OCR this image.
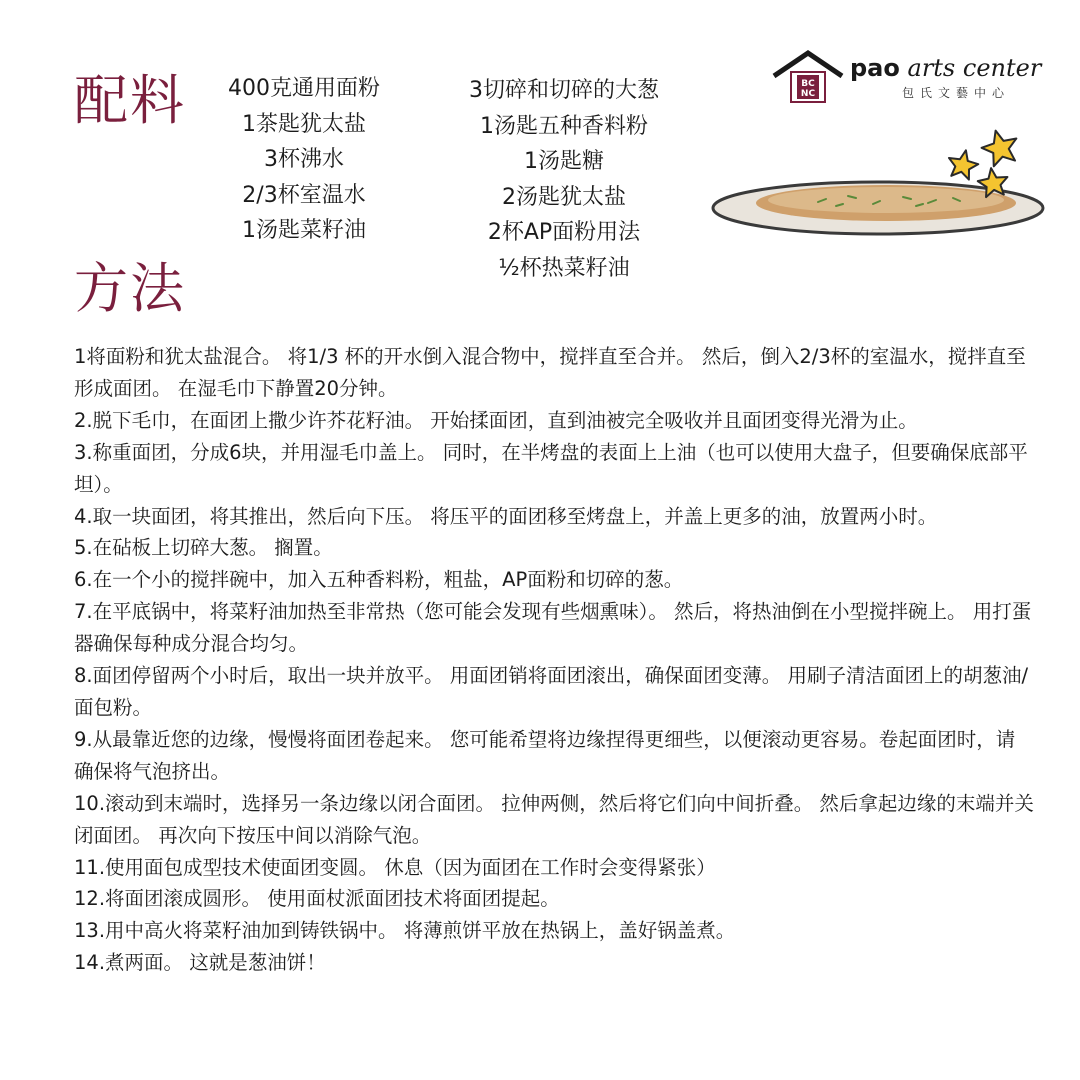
配料	400克通用面粉
1茶匙犹太盐
3杯沸水
2/3杯室温水
1汤匙菜籽油
3切碎和切碎的大葱
1汤匙五种香料粉
1汤匙糖
2汤匙犹太盐
2杯AP面粉用法
½杯热菜籽油
方法
BC
NC
pao arts center
包氏文藝中心
1将面粉和犹太盐混合。 将1/3 杯的开水倒入混合物中，搅拌直至合并。 然后，倒入2/3杯的室温水，搅拌直至形成面团。 在湿毛巾下静置20分钟。
2.脱下毛巾，在面团上撒少许芥花籽油。 开始揉面团，直到油被完全吸收并且面团变得光滑为止。
3.称重面团，分成6块，并用湿毛巾盖上。 同时，在半烤盘的表面上上油（也可以使用大盘子，但要确保底部平坦）。
4.取一块面团，将其推出，然后向下压。 将压平的面团移至烤盘上，并盖上更多的油，放置两小时。
5.在砧板上切碎大葱。 搁置。
6.在一个小的搅拌碗中，加入五种香料粉，粗盐，AP面粉和切碎的葱。
7.在平底锅中，将菜籽油加热至非常热（您可能会发现有些烟熏味）。 然后，将热油倒在小型搅拌碗上。 用打蛋器确保每种成分混合均匀。
8.面团停留两个小时后，取出一块并放平。 用面团销将面团滚出，确保面团变薄。 用刷子清洁面团上的胡葱油/面包粉。
9.从最靠近您的边缘，慢慢将面团卷起来。 您可能希望将边缘捏得更细些，以便滚动更容易。卷起面团时，请确保将气泡挤出。
10.滚动到末端时，选择另一条边缘以闭合面团。 拉伸两侧，然后将它们向中间折叠。 然后拿起边缘的末端并关闭面团。 再次向下按压中间以消除气泡。
11.使用面包成型技术使面团变圆。 休息（因为面团在工作时会变得紧张）
12.将面团滚成圆形。 使用面杖派面团技术将面团提起。
13.用中高火将菜籽油加到铸铁锅中。 将薄煎饼平放在热锅上，盖好锅盖煮。
14.煮两面。 这就是葱油饼！
